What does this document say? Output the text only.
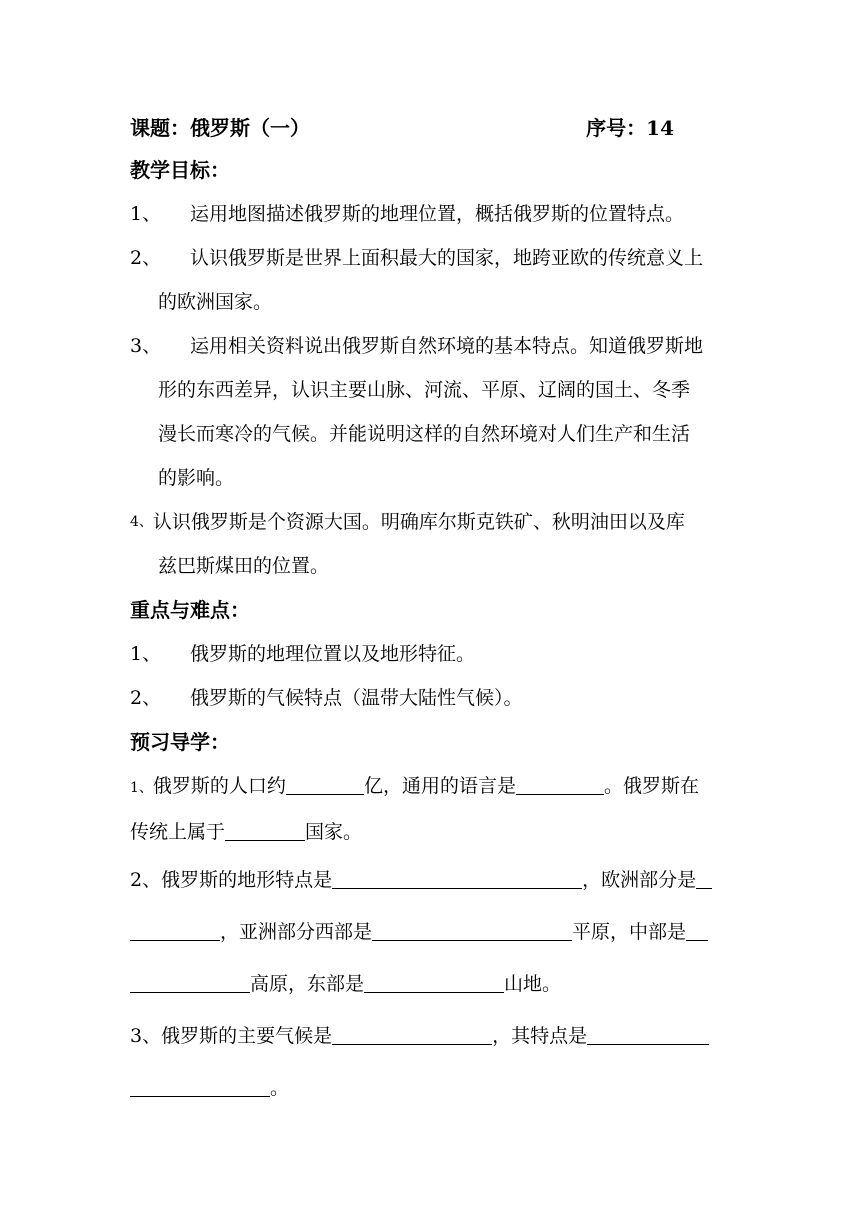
课题：俄罗斯（一）	序号：14
教学目标：
1、	运用地图描述俄罗斯的地理位置，概括俄罗斯的位置特点。
2、	认识俄罗斯是世界上面积最大的国家，地跨亚欧的传统意义上
的欧洲国家。
3、	运用相关资料说出俄罗斯自然环境的基本特点。知道俄罗斯地
形的东西差异，认识主要山脉、河流、平原、辽阔的国土、冬季
漫长而寒冷的气候。并能说明这样的自然环境对人们生产和生活
的影响。
4、 认识俄罗斯是个资源大国。明确库尔斯克铁矿、秋明油田以及库
兹巴斯煤田的位置。
重点与难点：
1、	俄罗斯的地理位置以及地形特征。
2、	俄罗斯的气候特点（温带大陆性气候）。
预习导学：
1、俄罗斯的人口约	亿，通用的语言是	。俄罗斯在
传统上属于	国家。
2、俄罗斯的地形特点是	，欧洲部分是
，亚洲部分西部是	平原，中部是
高原，东部是	山地。
3、俄罗斯的主要气候是	，其特点是
。
